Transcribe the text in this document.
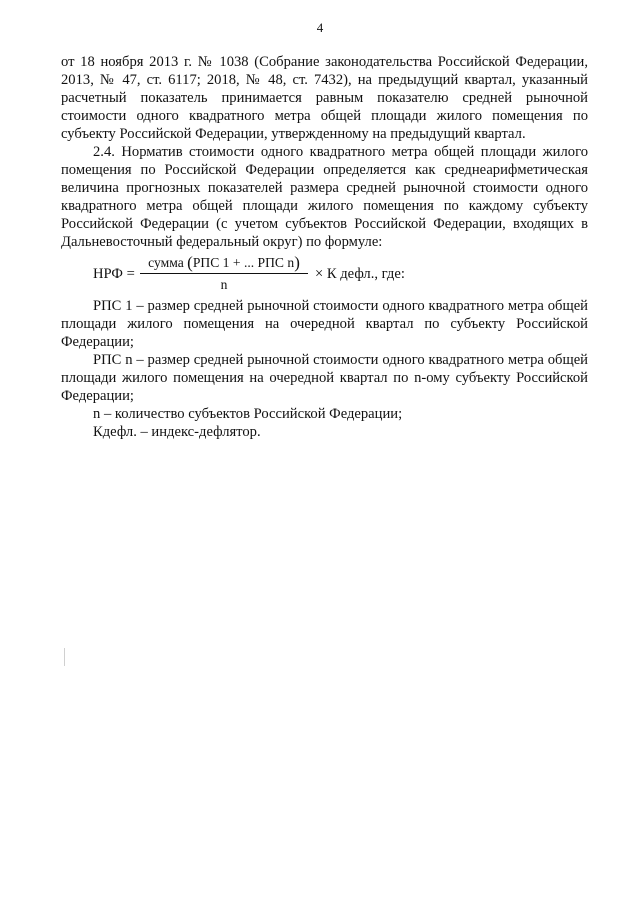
4

от 18 ноября 2013 г. № 1038 (Собрание законодательства Российской Федерации, 2013, № 47, ст. 6117; 2018, № 48, ст. 7432), на предыдущий квартал, указанный расчетный показатель принимается равным показателю средней рыночной стоимости одного квадратного метра общей площади жилого помещения по субъекту Российской Федерации, утвержденному на предыдущий квартал.

2.4. Норматив стоимости одного квадратного метра общей площади жилого помещения по Российской Федерации определяется как среднеарифметическая величина прогнозных показателей размера средней рыночной стоимости одного квадратного метра общей площади жилого помещения по каждому субъекту Российской Федерации (с учетом субъектов Российской Федерации, входящих в Дальневосточный федеральный округ) по формуле:

НРФ =
сумма (РПС 1 + ... РПС n)
n
× К дефл., где:

РПС 1 – размер средней рыночной стоимости одного квадратного метра общей площади жилого помещения на очередной квартал по субъекту Российской Федерации;

РПС n – размер средней рыночной стоимости одного квадратного метра общей площади жилого помещения на очередной квартал по n-ому субъекту Российской Федерации;

n – количество субъектов Российской Федерации;

Кдефл. – индекс-дефлятор.
